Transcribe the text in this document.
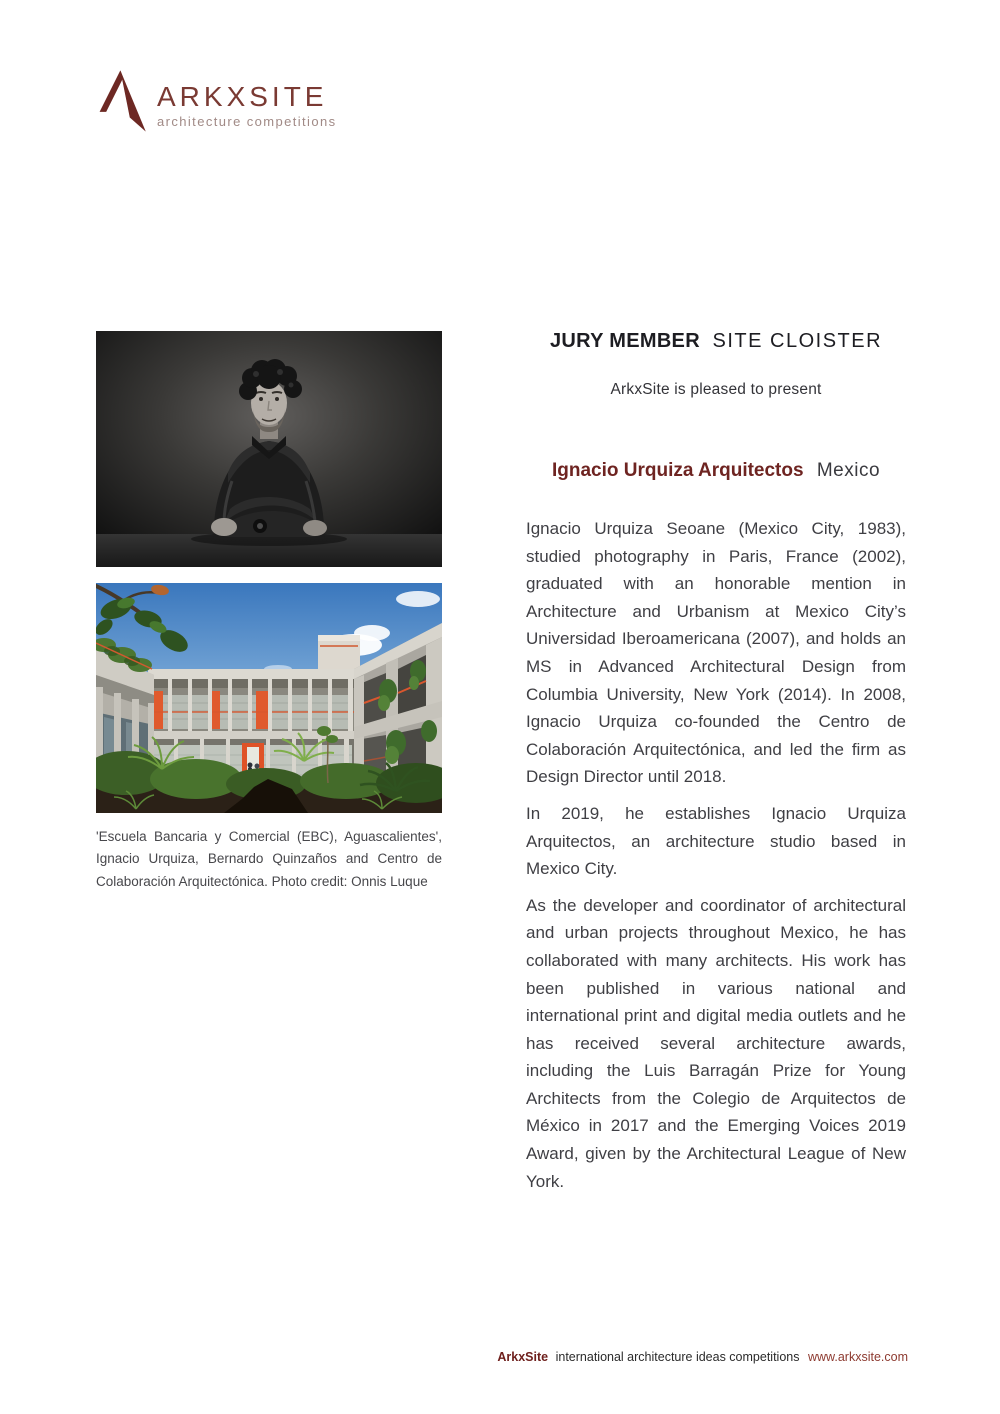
ARKXSITE
architecture competitions

'Escuela Bancaria y Comercial (EBC), Aguascalientes', Ignacio Urquiza, Bernardo Quinzaños and Centro de Colaboración Arquitectónica. Photo credit: Onnis Luque

JURY MEMBER SITE CLOISTER

ArkxSite is pleased to present

Ignacio Urquiza Arquitectos Mexico

Ignacio Urquiza Seoane (Mexico City, 1983), studied photography in Paris, France (2002), graduated with an honorable mention in Architecture and Urbanism at Mexico City’s Universidad Iberoamericana (2007), and holds an MS in Advanced Architectural Design from Columbia University, New York (2014). In 2008, Ignacio Urquiza co-founded the Centro de Colaboración Arquitectónica, and led the firm as Design Director until 2018.

In 2019, he establishes Ignacio Urquiza Arquitectos, an architecture studio based in Mexico City.

As the developer and coordinator of architectural and urban projects throughout Mexico, he has collaborated with many architects. His work has been published in various national and international print and digital media outlets and he has received several architecture awards, including the Luis Barragán Prize for Young Architects from the Colegio de Arquitectos de México in 2017 and the Emerging Voices 2019 Award, given by the Architectural League of New York.

ArkxSite international architecture ideas competitions www.arkxsite.com
